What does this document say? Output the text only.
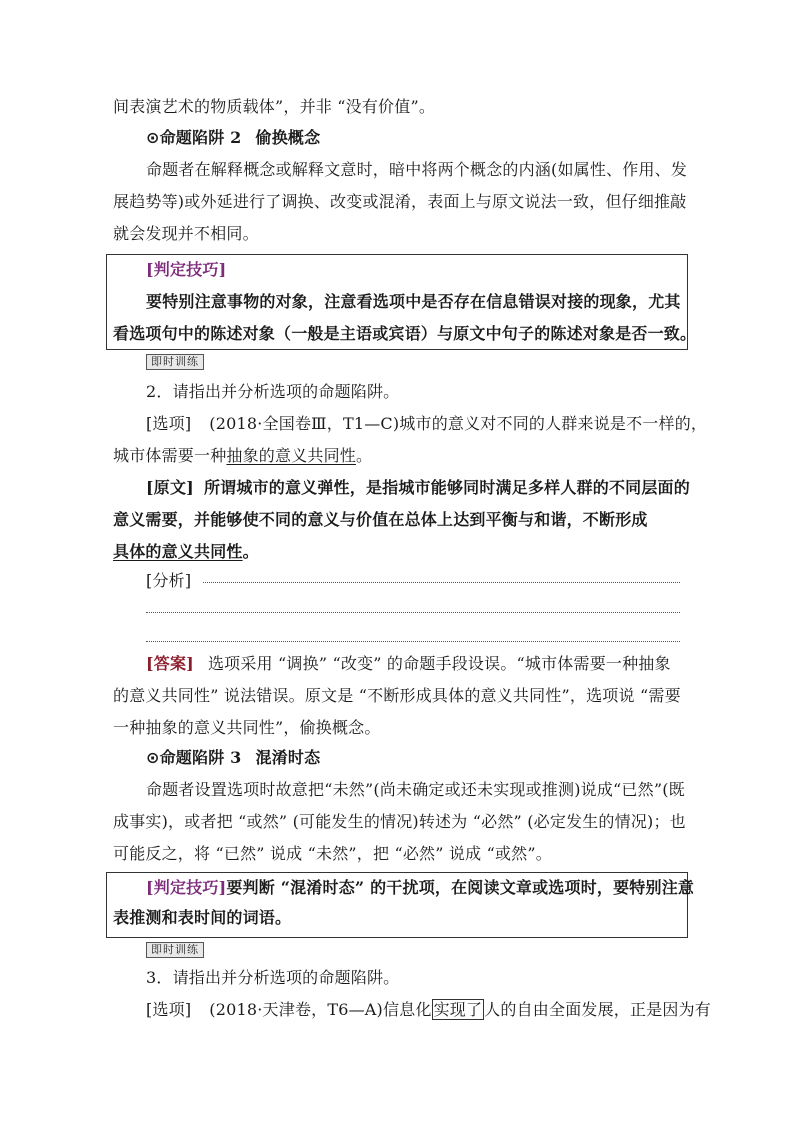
间表演艺术的物质载体”，并非 “没有价值”。
⊙命题陷阱 2 偷换概念
命题者在解释概念或解释文意时，暗中将两个概念的内涵(如属性、作用、发
展趋势等)或外延进行了调换、改变或混淆，表面上与原文说法一致，但仔细推敲
就会发现并不相同。
[判定技巧]
要特别注意事物的对象，注意看选项中是否存在信息错误对接的现象，尤其
看选项句中的陈述对象（一般是主语或宾语）与原文中句子的陈述对象是否一致。
即时训练
2．请指出并分析选项的命题陷阱。
[选项] (2018·全国卷Ⅲ，T1—C)城市的意义对不同的人群来说是不一样的，
城市体需要一种抽象的意义共同性。
[原文] 所谓城市的意义弹性，是指城市能够同时满足多样人群的不同层面的
意义需要，并能够使不同的意义与价值在总体上达到平衡与和谐，不断形成
具体的意义共同性。
[分析]
[答案] 选项采用 “调换” “改变” 的命题手段设误。“城市体需要一种抽象
的意义共同性” 说法错误。原文是 “不断形成具体的意义共同性”，选项说 “需要
一种抽象的意义共同性”，偷换概念。
⊙命题陷阱 3 混淆时态
命题者设置选项时故意把“未然”(尚未确定或还未实现或推测)说成“已然”(既
成事实)，或者把 “或然” (可能发生的情况)转述为 “必然” (必定发生的情况)；也
可能反之，将 “已然” 说成 “未然”，把 “必然” 说成 “或然”。
[判定技巧]要判断 “混淆时态” 的干扰项，在阅读文章或选项时，要特别注意
表推测和表时间的词语。
即时训练
3．请指出并分析选项的命题陷阱。
[选项] (2018·天津卷，T6—A)信息化 实现了 人的自由全面发展，正是因为有
